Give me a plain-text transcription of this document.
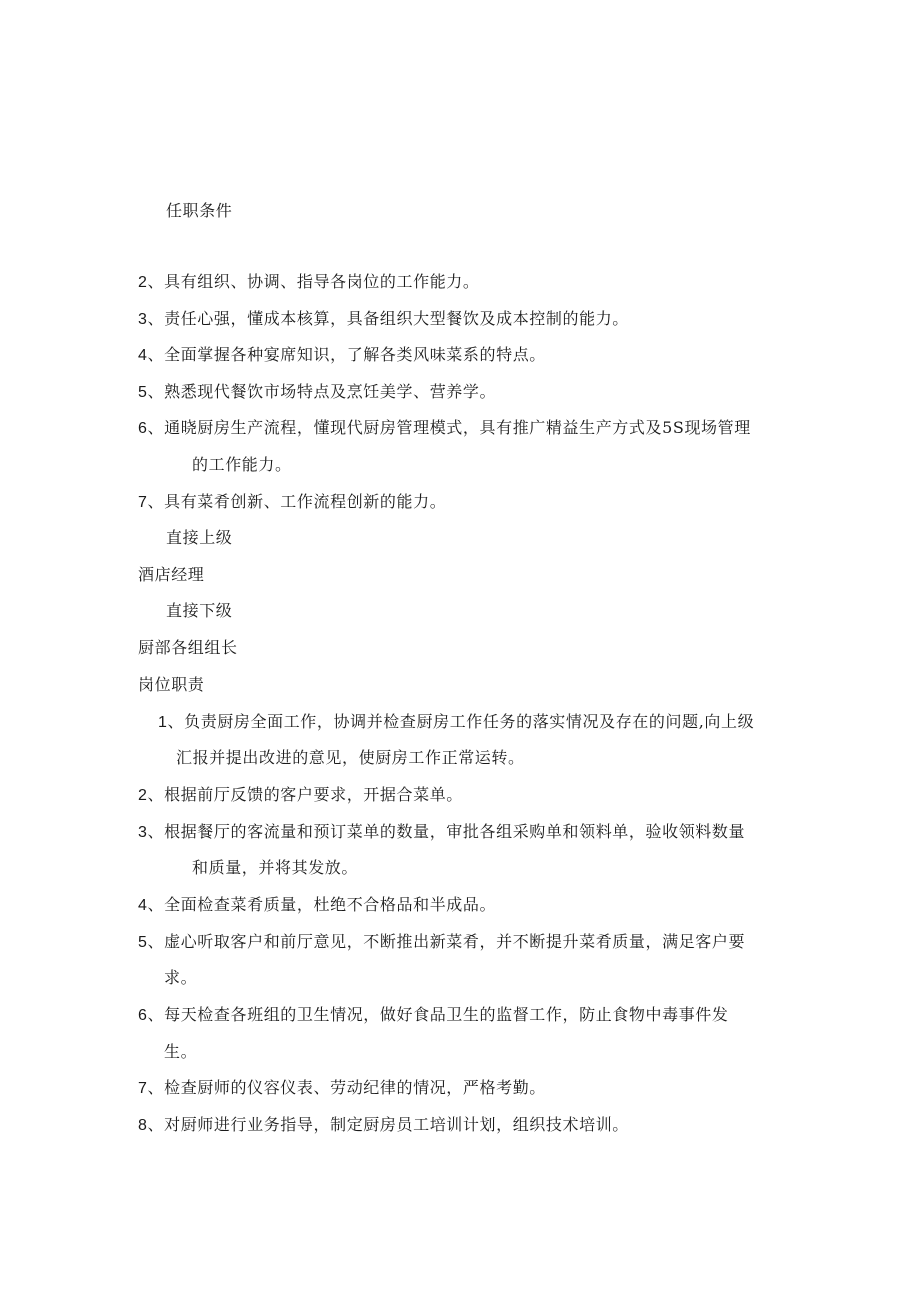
任职条件
2、具有组织、协调、指导各岗位的工作能力。
3、责任心强，懂成本核算，具备组织大型餐饮及成本控制的能力。
4、全面掌握各种宴席知识，了解各类风味菜系的特点。
5、熟悉现代餐饮市场特点及烹饪美学、营养学。
6、通晓厨房生产流程，懂现代厨房管理模式，具有推广精益生产方式及5S现场管理
的工作能力。
7、具有菜肴创新、工作流程创新的能力。
直接上级
酒店经理
直接下级
厨部各组组长
岗位职责
1、负责厨房全面工作，协调并检查厨房工作任务的落实情况及存在的问题,向上级
汇报并提出改进的意见，使厨房工作正常运转。
2、根据前厅反馈的客户要求，开据合菜单。
3、根据餐厅的客流量和预订菜单的数量，审批各组采购单和领料单，验收领料数量
和质量，并将其发放。
4、全面检查菜肴质量，杜绝不合格品和半成品。
5、虚心听取客户和前厅意见，不断推出新菜肴，并不断提升菜肴质量，满足客户要
求。
6、每天检查各班组的卫生情况，做好食品卫生的监督工作，防止食物中毒事件发
生。
7、检查厨师的仪容仪表、劳动纪律的情况，严格考勤。
8、对厨师进行业务指导，制定厨房员工培训计划，组织技术培训。
